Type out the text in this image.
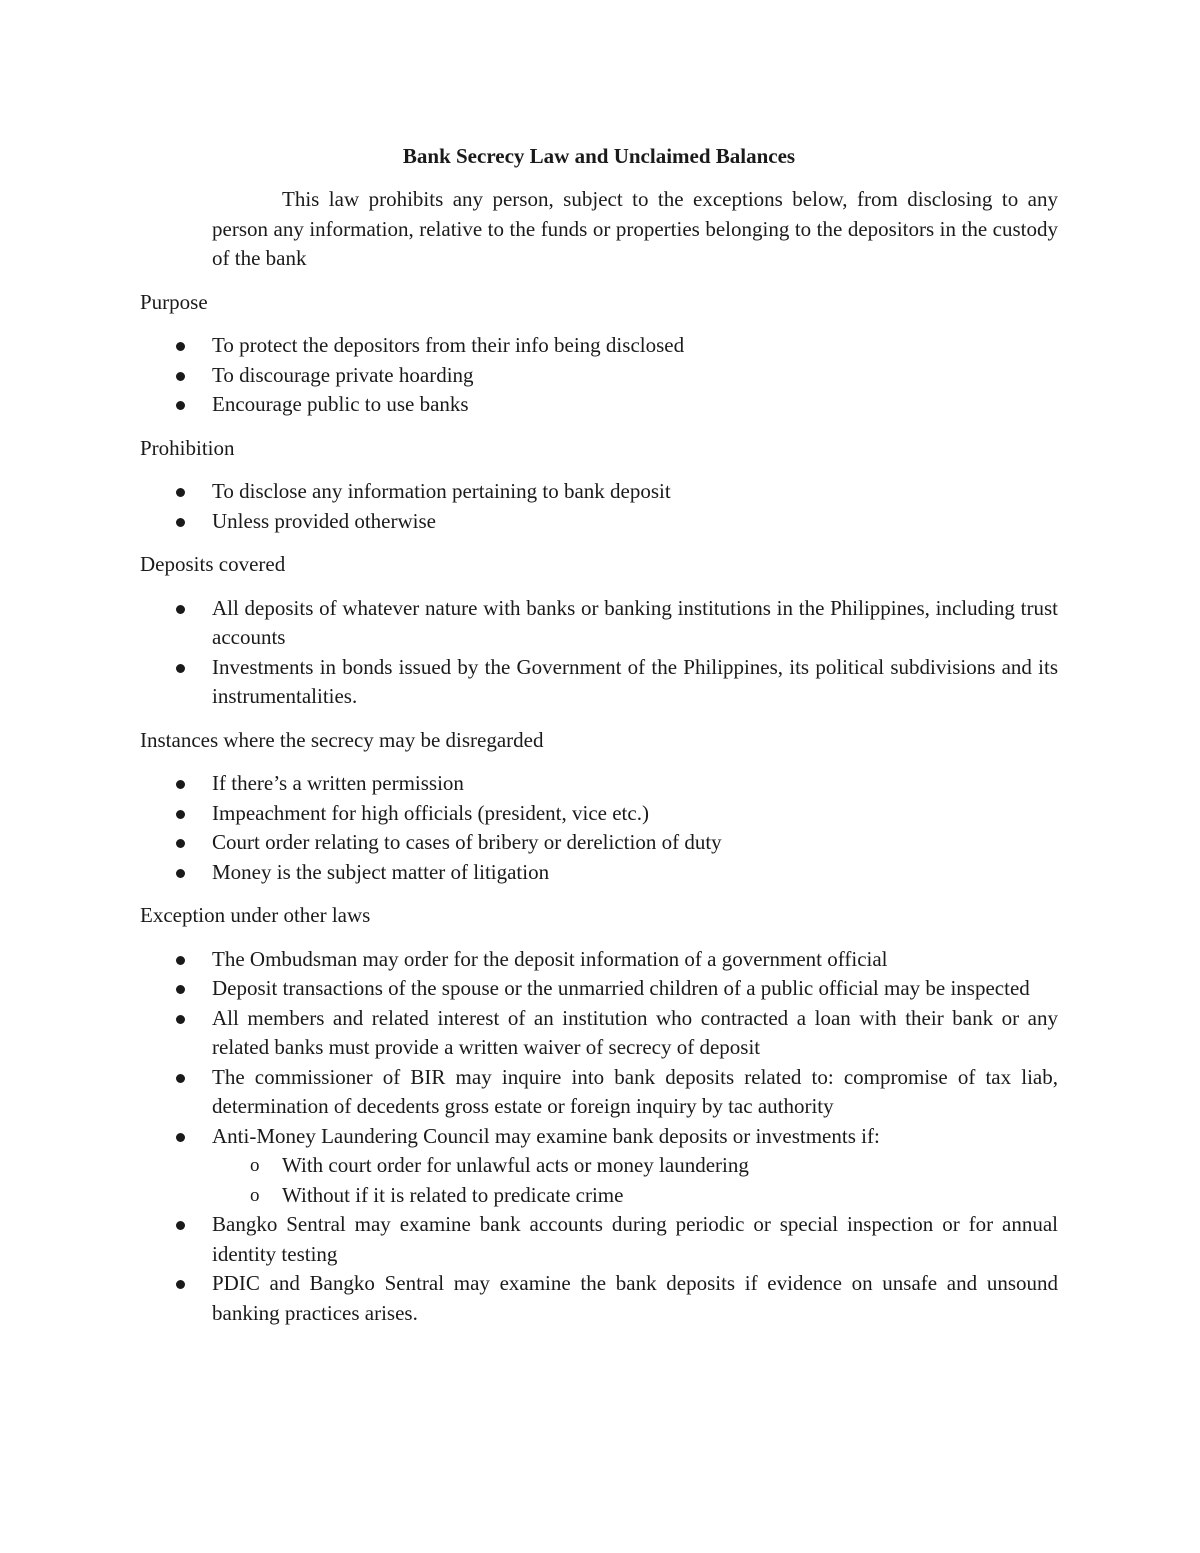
Bank Secrecy Law and Unclaimed Balances

This law prohibits any person, subject to the exceptions below, from disclosing to any person any information, relative to the funds or properties belonging to the depositors in the custody of the bank

Purpose

To protect the depositors from their info being disclosed
To discourage private hoarding
Encourage public to use banks

Prohibition

To disclose any information pertaining to bank deposit
Unless provided otherwise

Deposits covered

All deposits of whatever nature with banks or banking institutions in the Philippines, including trust accounts
Investments in bonds issued by the Government of the Philippines, its political subdivisions and its instrumentalities.

Instances where the secrecy may be disregarded

If there’s a written permission
Impeachment for high officials (president, vice etc.)
Court order relating to cases of bribery or dereliction of duty
Money is the subject matter of litigation

Exception under other laws

The Ombudsman may order for the deposit information of a government official
Deposit transactions of the spouse or the unmarried children of a public official may be inspected
All members and related interest of an institution who contracted a loan with their bank or any related banks must provide a written waiver of secrecy of deposit
The commissioner of BIR may inquire into bank deposits related to: compromise of tax liab, determination of decedents gross estate or foreign inquiry by tac authority
Anti-Money Laundering Council may examine bank deposits or investments if:
o With court order for unlawful acts or money laundering
o Without if it is related to predicate crime
Bangko Sentral may examine bank accounts during periodic or special inspection or for annual identity testing
PDIC and Bangko Sentral may examine the bank deposits if evidence on unsafe and unsound banking practices arises.
